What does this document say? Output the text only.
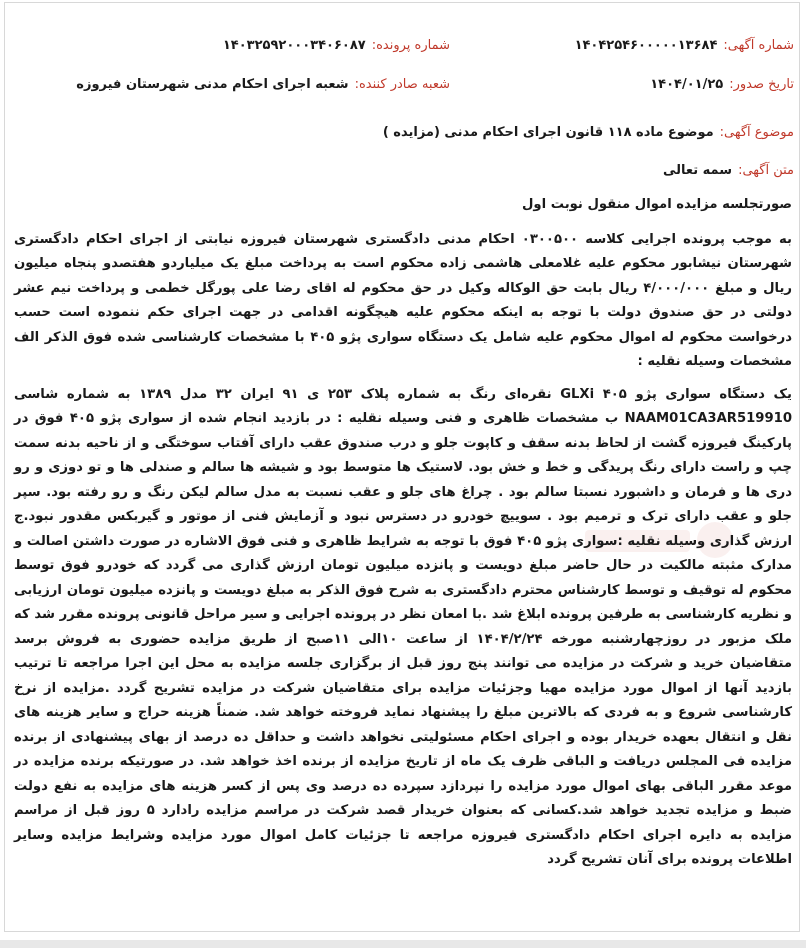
شماره آگهی:۱۴۰۴۲۵۴۶۰۰۰۰۰۱۳۶۸۴
شماره پرونده:۱۴۰۳۲۵۹۲۰۰۰۳۴۰۶۰۸۷
تاریخ صدور:۱۴۰۴/۰۱/۲۵
شعبه صادر کننده:شعبه اجرای احکام مدنی شهرستان فیروزه
موضوع آگهی:موضوع ماده ۱۱۸ قانون اجرای احکام مدنی (مزایده )
متن آگهی:سمه تعالی

صورتجلسه مزایده اموال منقول نوبت اول

به موجب پرونده اجرایی کلاسه ۰۳۰۰۵۰۰ احکام مدنی دادگستری شهرستان فیروزه نیابتی از اجرای احکام دادگستری شهرستان نیشابور محکوم علیه غلامعلی هاشمی زاده محکوم است به پرداخت مبلغ یک میلیاردو هفتصدو پنجاه میلیون ریال و مبلغ ۴/۰۰۰/۰۰۰ ریال بابت حق الوکاله وکیل در حق محکوم له اقای رضا علی پورگل خطمی و پرداخت نیم عشر دولتی در حق صندوق دولت با توجه به اینکه محکوم علیه هیچگونه اقدامی در جهت اجرای حکم ننموده است حسب درخواست محکوم له اموال محکوم علیه شامل یک دستگاه سواری پژو ۴۰۵ با مشخصات کارشناسی شده فوق الذکر الف مشخصات وسیله نقلیه :

یک دستگاه سواری پژو ۴۰۵ GLXi نقره‌ای رنگ به شماره پلاک ۲۵۳ ی ۹۱ ایران ۳۲ مدل ۱۳۸۹ به شماره شاسی NAAM01CA3AR519910 ب مشخصات ظاهری و فنی وسیله نقلیه : در بازدید انجام شده از سواری پژو ۴۰۵ فوق در پارکینگ فیروزه گشت از لحاظ بدنه سقف و کاپوت جلو و درب صندوق عقب دارای آفتاب سوختگی و از ناحیه بدنه سمت چپ و راست دارای رنگ پریدگی و خط و خش بود. لاستیک ها متوسط بود و شیشه ها سالم و صندلی ها و تو دوزی و رو دری ها و فرمان و داشبورد نسبتا سالم بود . چراغ های جلو و عقب نسبت به مدل سالم لیکن رنگ و رو رفته بود. سپر جلو و عقب دارای ترک و ترمیم بود . سوییچ خودرو در دسترس نبود و آزمایش فنی از موتور و گیربکس مقدور نبود.ج ارزش گذاری وسیله نقلیه :سواری پژو ۴۰۵ فوق با توجه به شرایط ظاهری و فنی فوق الاشاره در صورت داشتن اصالت و مدارک مثبته مالکیت در حال حاضر مبلغ دویست و پانزده میلیون تومان ارزش گذاری می گردد که خودرو فوق توسط محکوم له توقیف و توسط کارشناس محترم دادگستری به شرح فوق الذکر به مبلغ دویست و پانزده میلیون تومان ارزیابی و نظریه کارشناسی به طرفین پرونده ابلاغ شد .با امعان نظر در پرونده اجرایی و سیر مراحل قانونی پرونده مقرر شد که ملک مزبور در روزچهارشنبه مورخه ۱۴۰۴/۲/۲۴ از ساعت ۱۰الی ۱۱صبح از طریق مزایده حضوری به فروش برسد متقاضیان خرید و شرکت در مزایده می توانند پنج روز قبل از برگزاری جلسه مزایده به محل این اجرا مراجعه تا ترتیب بازدید آنها از اموال مورد مزایده مهیا وجزئیات مزایده برای متقاضیان شرکت در مزایده تشریح گردد .مزایده از نرخ کارشناسی شروع و به فردی که بالاترین مبلغ را پیشنهاد نماید فروخته خواهد شد. ضمناً هزینه حراج و سایر هزینه های نقل و انتقال بعهده خریدار بوده و اجرای احکام مسئولیتی نخواهد داشت و حداقل ده درصد از بهای پیشنهادی از برنده مزایده فی المجلس دریافت و الباقی ظرف یک ماه از تاریخ مزایده از برنده اخذ خواهد شد. در صورتیکه برنده مزایده در موعد مقرر الباقی بهای اموال مورد مزایده را نپردازد سپرده ده درصد وی پس از کسر هزینه های مزایده به نفع دولت ضبط و مزایده تجدید خواهد شد.کسانی که بعنوان خریدار قصد شرکت در مراسم مزایده رادارد ۵ روز قبل از مراسم مزایده به دایره اجرای احکام دادگستری فیروزه مراجعه تا جزئیات کامل اموال مورد مزایده وشرایط مزایده وسایر اطلاعات پرونده برای آنان تشریح گردد
